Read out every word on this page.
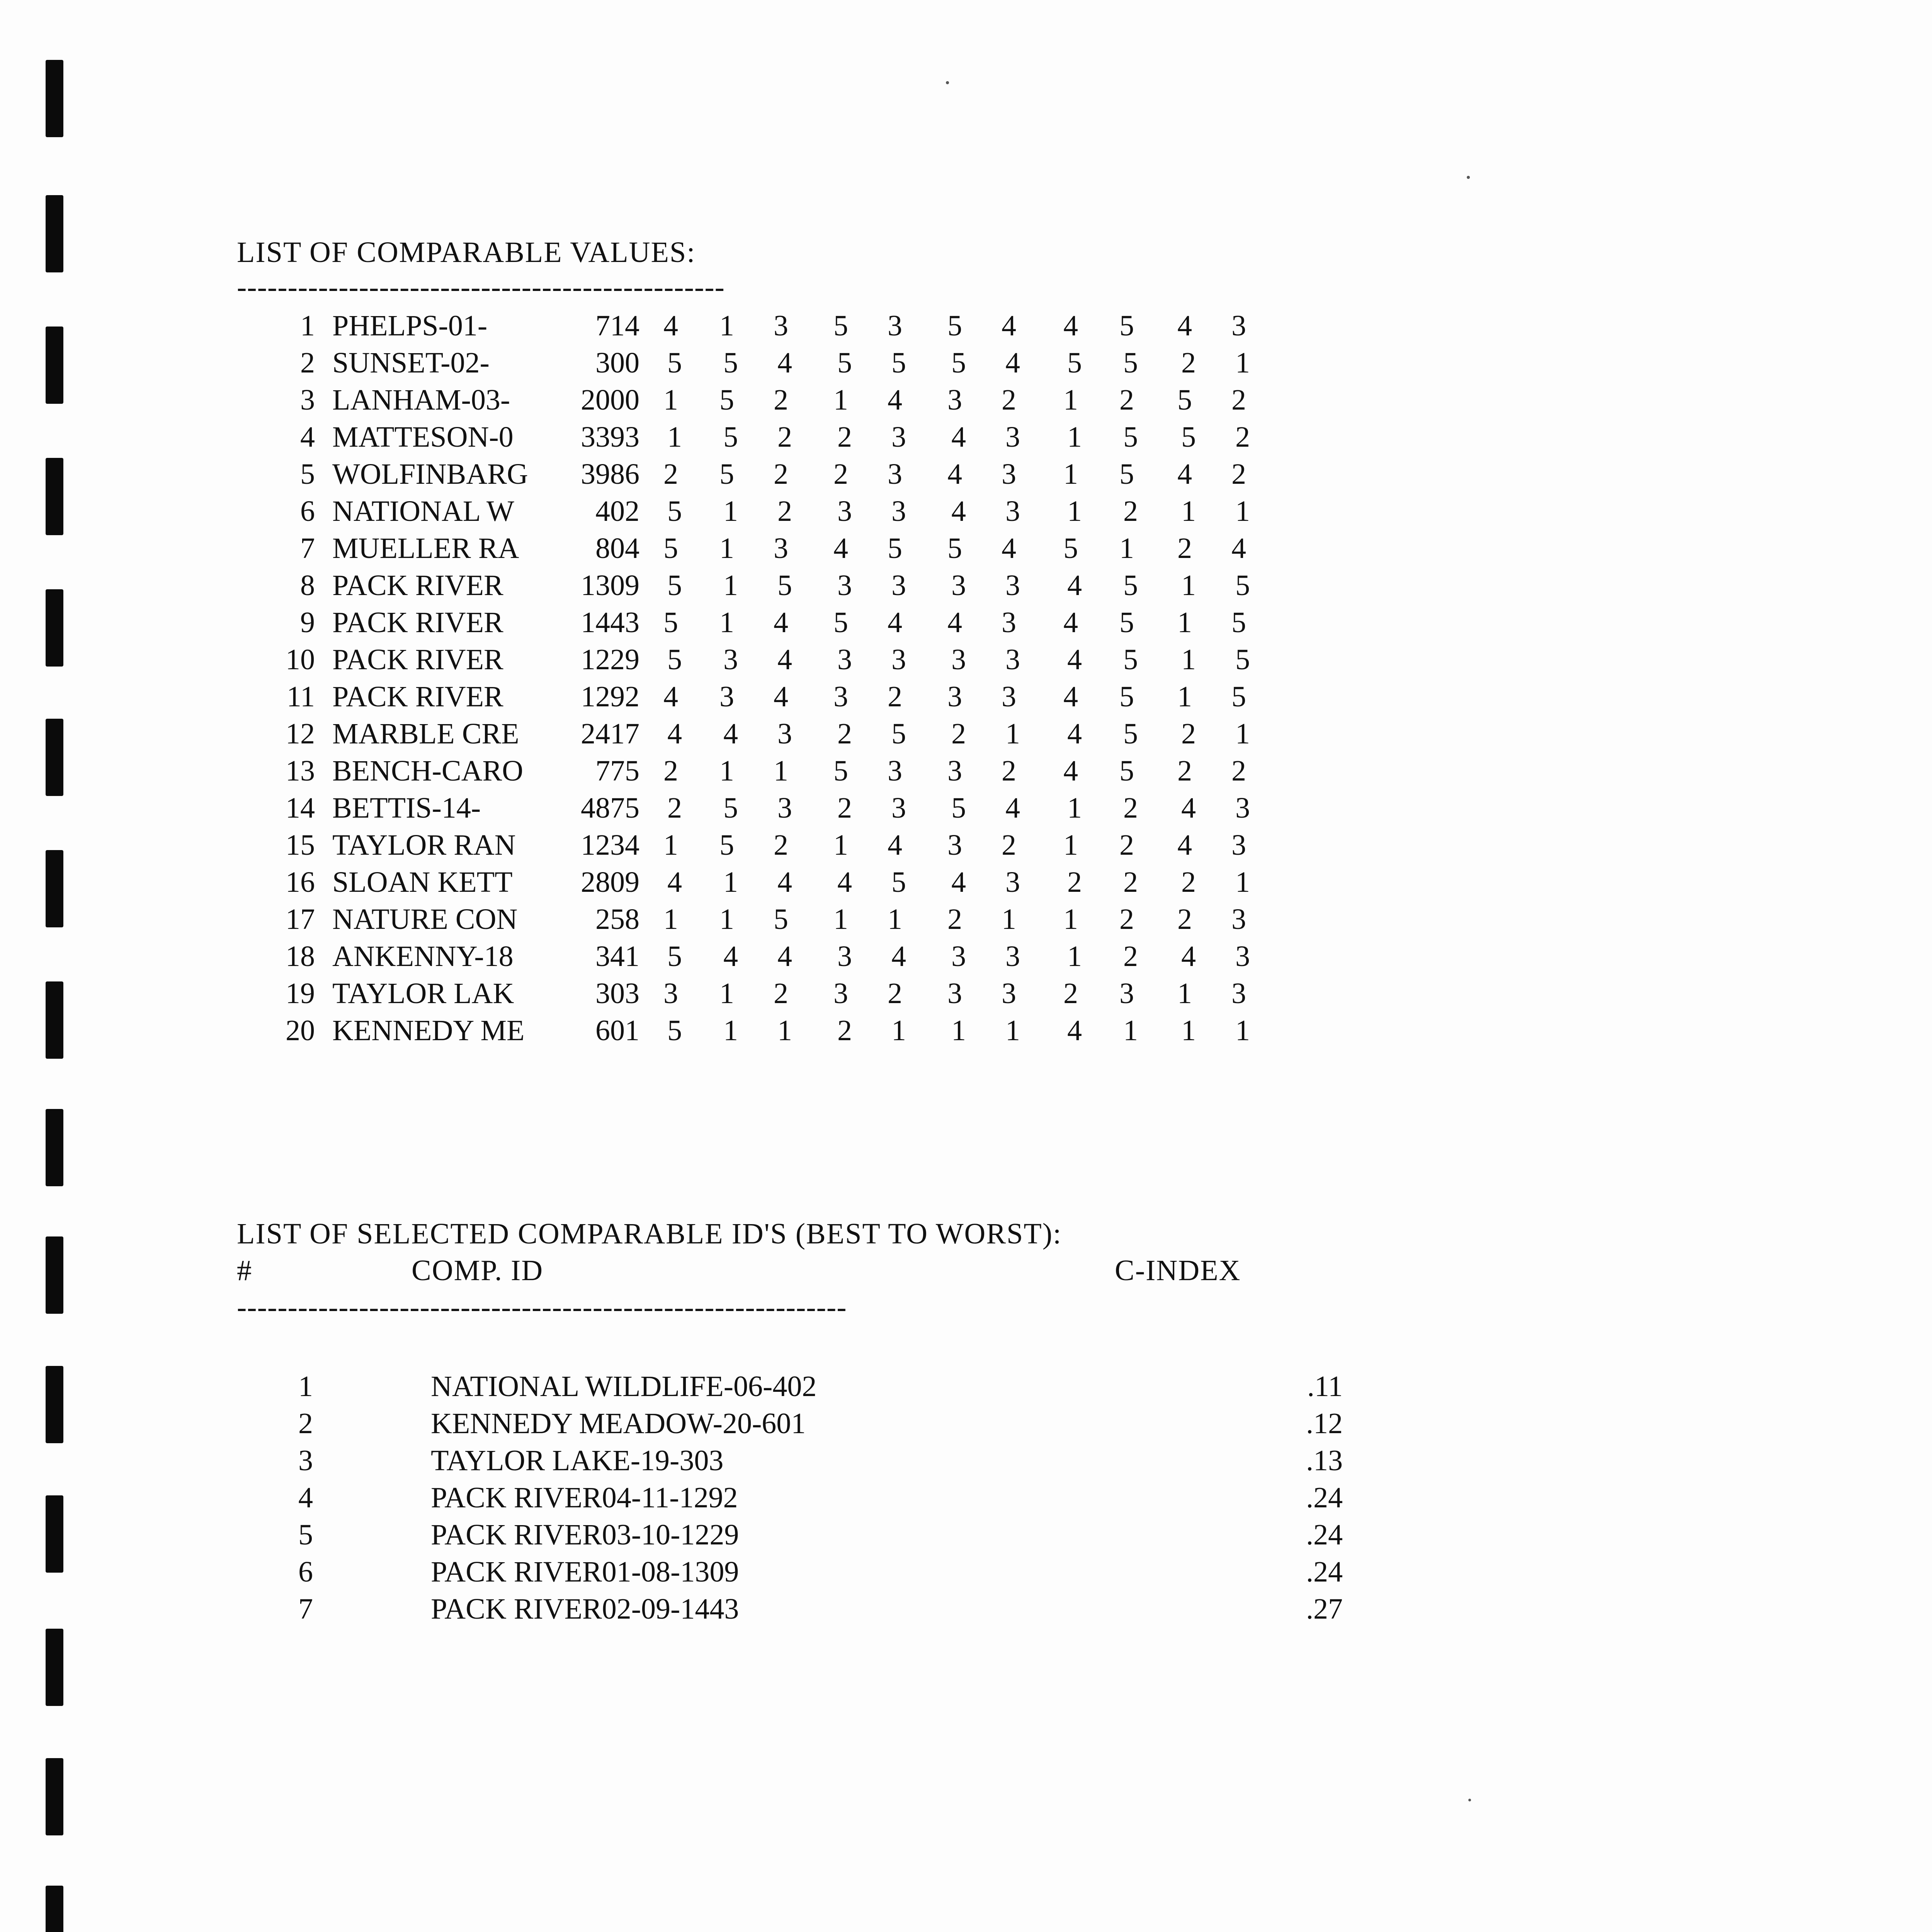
LIST OF COMPARABLE VALUES:
------------------------------------------------
1 PHELPS-01-	714 4 1 3 5 3 5 4 4 5 4 3
2 SUNSET-02-	300 5 5 4 5 5 5 4 5 5 2 1
3 LANHAM-03-	2000 1 5 2 1 4 3 2 1 2 5 2
4 MATTESON-0	3393 1 5 2 2 3 4 3 1 5 5 2
5 WOLFINBARG	3986 2 5 2 2 3 4 3 1 5 4 2
6 NATIONAL W	402 5 1 2 3 3 4 3 1 2 1 1
7 MUELLER RA	804 5 1 3 4 5 5 4 5 1 2 4
8 PACK RIVER	1309 5 1 5 3 3 3 3 4 5 1 5
9 PACK RIVER	1443 5 1 4 5 4 4 3 4 5 1 5
10 PACK RIVER	1229 5 3 4 3 3 3 3 4 5 1 5
11 PACK RIVER	1292 4 3 4 3 2 3 3 4 5 1 5
12 MARBLE CRE	2417 4 4 3 2 5 2 1 4 5 2 1
13 BENCH-CARO	775 2 1 1 5 3 3 2 4 5 2 2
14 BETTIS-14-	4875 2 5 3 2 3 5 4 1 2 4 3
15 TAYLOR RAN	1234 1 5 2 1 4 3 2 1 2 4 3
16 SLOAN KETT	2809 4 1 4 4 5 4 3 2 2 2 1
17 NATURE CON	258 1 1 5 1 1 2 1 1 2 2 3
18 ANKENNY-18	341 5 4 4 3 4 3 3 1 2 4 3
19 TAYLOR LAK	303 3 1 2 3 2 3 3 2 3 1 3
20 KENNEDY ME	601 5 1 1 2 1 1 1 4 1 1 1
LIST OF SELECTED COMPARABLE ID'S (BEST TO WORST):
#	COMP. ID	C-INDEX
------------------------------------------------------------
1	NATIONAL WILDLIFE-06-402	.11
2	KENNEDY MEADOW-20-601	.12
3	TAYLOR LAKE-19-303	.13
4	PACK RIVER04-11-1292	.24
5	PACK RIVER03-10-1229	.24
6	PACK RIVER01-08-1309	.24
7	PACK RIVER02-09-1443	.27
